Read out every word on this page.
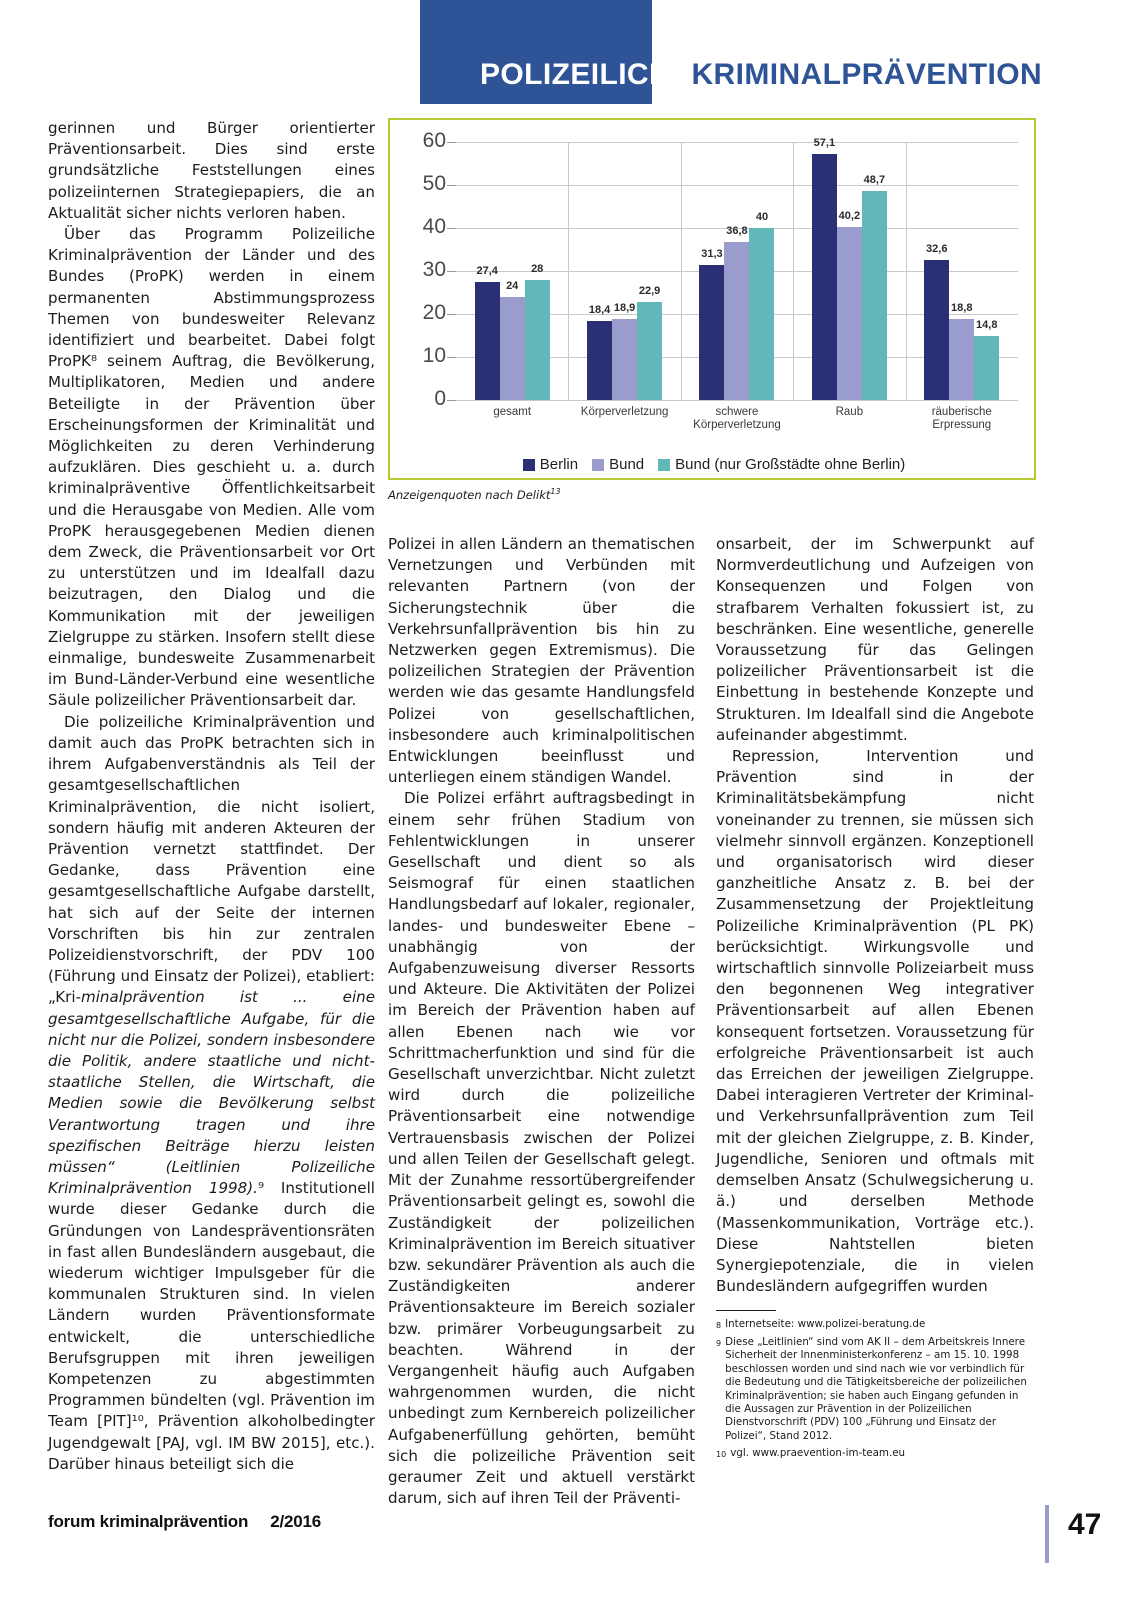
POLIZEILICHEKRIMINALPRÄVENTION

gerinnen und Bürger orientierter Präventionsarbeit. Dies sind erste grundsätzliche Feststellungen eines polizeiinternen Strategiepapiers, die an Aktualität sicher nichts verloren haben.

Über das Programm Polizeiliche Kriminalprävention der Länder und des Bundes (ProPK) werden in einem permanenten Abstimmungsprozess Themen von bundesweiter Relevanz identifiziert und bearbeitet. Dabei folgt ProPK⁸ seinem Auftrag, die Bevölkerung, Multiplikatoren, Medien und andere Beteiligte in der Prävention über Erscheinungsformen der Kriminalität und Möglichkeiten zu deren Verhinderung aufzuklären. Dies geschieht u. a. durch kriminalpräventive Öffentlichkeitsarbeit und die Herausgabe von Medien. Alle vom ProPK herausgegebenen Medien dienen dem Zweck, die Präventionsarbeit vor Ort zu unterstützen und im Idealfall dazu beizutragen, den Dialog und die Kommunikation mit der jeweiligen Zielgruppe zu stärken. Insofern stellt diese einmalige, bundesweite Zusammenarbeit im Bund-Länder-Verbund eine wesentliche Säule polizeilicher Präventionsarbeit dar.

Die polizeiliche Kriminalprävention und damit auch das ProPK betrachten sich in ihrem Aufgabenverständnis als Teil der gesamtgesellschaftlichen Kriminalprävention, die nicht isoliert, sondern häufig mit anderen Akteuren der Prävention vernetzt stattfindet. Der Gedanke, dass Prävention eine gesamtgesellschaftliche Aufgabe darstellt, hat sich auf der Seite der internen Vorschriften bis hin zur zentralen Polizeidienstvorschrift, der PDV 100 (Führung und Einsatz der Polizei), etabliert: „Kri-minalprävention ist ... eine gesamtgesellschaftliche Aufgabe, für die nicht nur die Polizei, sondern insbesondere die Politik, andere staatliche und nicht-staatliche Stellen, die Wirtschaft, die Medien sowie die Bevölkerung selbst Verantwortung tragen und ihre spezifischen Beiträge hierzu leisten müssen“ (Leitlinien Polizeiliche Kriminalprävention 1998).⁹ Institutionell wurde dieser Gedanke durch die Gründungen von Landespräventionsräten in fast allen Bundesländern ausgebaut, die wiederum wichtiger Impulsgeber für die kommunalen Strukturen sind. In vielen Ländern wurden Präventionsformate entwickelt, die unterschiedliche Berufsgruppen mit ihren jeweiligen Kompetenzen zu abgestimmten Programmen bündelten (vgl. Prävention im Team [PIT]¹⁰, Prävention alkoholbedingter Jugendgewalt [PAJ, vgl. IM BW 2015], etc.). Darüber hinaus beteiligt sich die

60
50
40
30
20
10
0
27,4
24
28
18,4 18,9
22,9
31,3
36,8
40
57,1
40,2
48,7
32,6
18,8
14,8
gesamt	Körperverletzung	schwere
Körperverletzung
Raub	räuberische
Erpressung
Berlin Bund Bund (nur Großstädte ohne Berlin)
Anzeigenquoten nach Delikt$^{13}$

Polizei in allen Ländern an thematischen Vernetzungen und Verbünden mit relevanten Partnern (von der Sicherungstechnik über die Verkehrsunfallprävention bis hin zu Netzwerken gegen Extremismus). Die polizeilichen Strategien der Prävention werden wie das gesamte Handlungsfeld Polizei von gesellschaftlichen, insbesondere auch kriminalpolitischen Entwicklungen beeinflusst und unterliegen einem ständigen Wandel.

Die Polizei erfährt auftragsbedingt in einem sehr frühen Stadium von Fehlentwicklungen in unserer Gesellschaft und dient so als Seismograf für einen staatlichen Handlungsbedarf auf lokaler, regionaler, landes- und bundesweiter Ebene – unabhängig von der Aufgabenzuweisung diverser Ressorts und Akteure. Die Aktivitäten der Polizei im Bereich der Prävention haben auf allen Ebenen nach wie vor Schrittmacherfunktion und sind für die Gesellschaft unverzichtbar. Nicht zuletzt wird durch die polizeiliche Präventionsarbeit eine notwendige Vertrauensbasis zwischen der Polizei und allen Teilen der Gesellschaft gelegt. Mit der Zunahme ressortübergreifender Präventionsarbeit gelingt es, sowohl die Zuständigkeit der polizeilichen Kriminalprävention im Bereich situativer bzw. sekundärer Prävention als auch die Zuständigkeiten anderer Präventionsakteure im Bereich sozialer bzw. primärer Vorbeugungsarbeit zu beachten. Während in der Vergangenheit häufig auch Aufgaben wahrgenommen wurden, die nicht unbedingt zum Kernbereich polizeilicher Aufgabenerfüllung gehörten, bemüht sich die polizeiliche Prävention seit geraumer Zeit und aktuell verstärkt darum, sich auf ihren Teil der Präventi-

onsarbeit, der im Schwerpunkt auf Normverdeutlichung und Aufzeigen von Konsequenzen und Folgen von strafbarem Verhalten fokussiert ist, zu beschränken. Eine wesentliche, generelle Voraussetzung für das Gelingen polizeilicher Präventionsarbeit ist die Einbettung in bestehende Konzepte und Strukturen. Im Idealfall sind die Angebote aufeinander abgestimmt.

Repression, Intervention und Prävention sind in der Kriminalitätsbekämpfung nicht voneinander zu trennen, sie müssen sich vielmehr sinnvoll ergänzen. Konzeptionell und organisatorisch wird dieser ganzheitliche Ansatz z. B. bei der Zusammensetzung der Projektleitung Polizeiliche Kriminalprävention (PL PK) berücksichtigt. Wirkungsvolle und wirtschaftlich sinnvolle Polizeiarbeit muss den begonnenen Weg integrativer Präventionsarbeit auf allen Ebenen konsequent fortsetzen. Voraussetzung für erfolgreiche Präventionsarbeit ist auch das Erreichen der jeweiligen Zielgruppe. Dabei interagieren Vertreter der Kriminal- und Verkehrsunfallprävention zum Teil mit der gleichen Zielgruppe, z. B. Kinder, Jugendliche, Senioren und oftmals mit demselben Ansatz (Schulwegsicherung u. ä.) und derselben Methode (Massenkommunikation, Vorträge etc.). Diese Nahtstellen bieten Synergiepotenziale, die in vielen Bundesländern aufgegriffen wurden

8 Internetseite: www.polizei-beratung.de
9 Diese „Leitlinien“ sind vom AK II – dem Arbeitskreis Innere Sicherheit der Innenministerkonferenz – am 15. 10. 1998 beschlossen worden und sind nach wie vor verbindlich für die Bedeutung und die Tätigkeitsbereiche der polizeilichen Kriminalprävention; sie haben auch Eingang gefunden in die Aussagen zur Prävention in der Polizeilichen Dienstvorschrift (PDV) 100 „Führung und Einsatz der Polizei“, Stand 2012.
10 vgl. www.praevention-im-team.eu
forum kriminalprävention 2/2016	47
